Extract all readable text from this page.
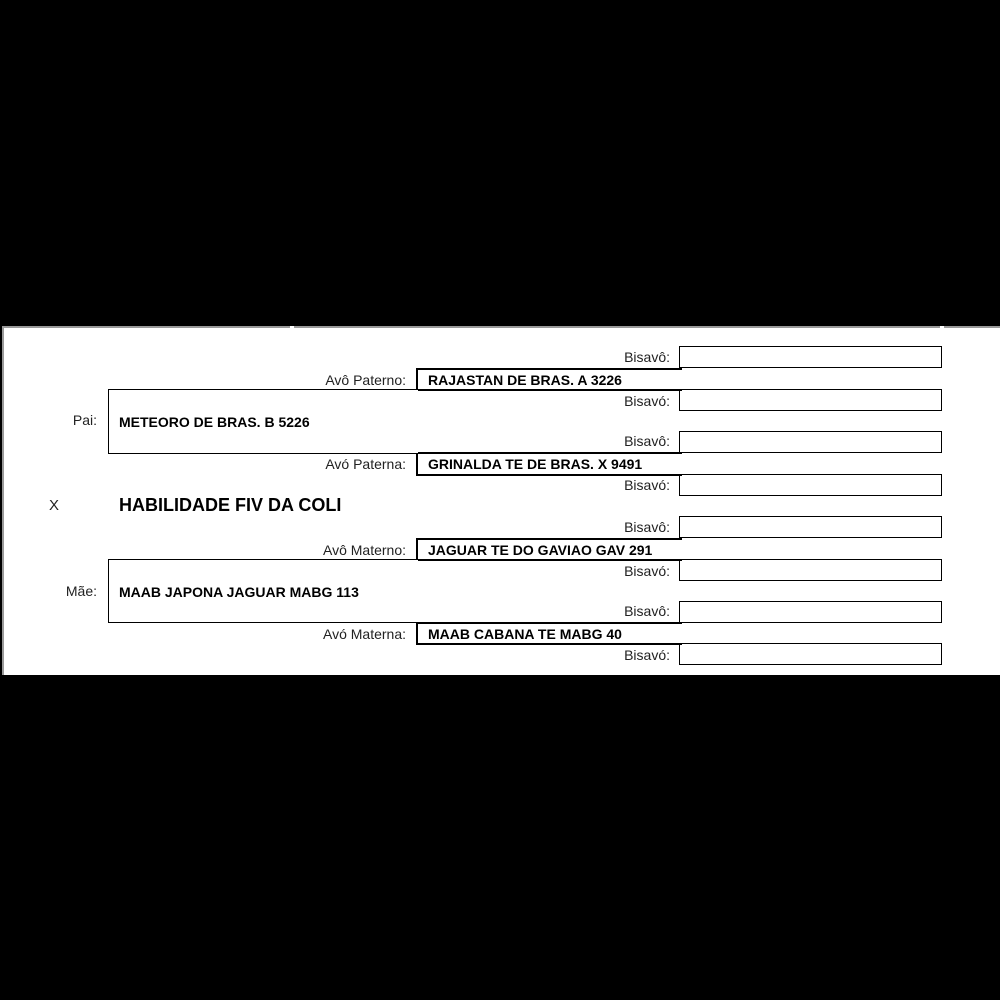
Bisavô:
Bisavó:
Bisavô:
Bisavó:
Bisavô:
Bisavó:
Bisavô:
Bisavó:
Avô Paterno: RAJASTAN DE BRAS. A 3226
Avó Paterna: GRINALDA TE DE BRAS. X 9491
Pai: METEORO DE BRAS. B 5226
X	HABILIDADE FIV DA COLI
Avô Materno: JAGUAR TE DO GAVIAO GAV 291
Avó Materna: MAAB CABANA TE MABG 40
Mãe: MAAB JAPONA JAGUAR MABG 113
